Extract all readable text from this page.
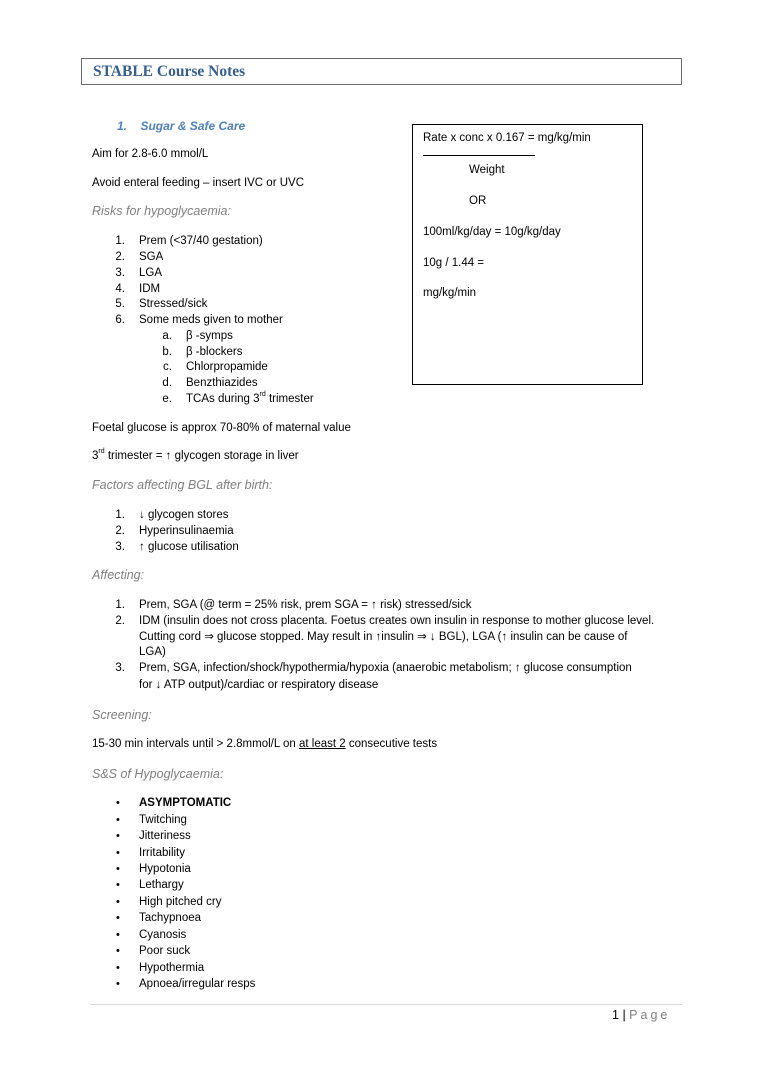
STABLE Course Notes
1. Sugar & Safe Care
Aim for 2.8-6.0 mmol/L
Avoid enteral feeding – insert IVC or UVC
Risks for hypoglycaemia:
1. Prem (<37/40 gestation)
2. SGA
3. LGA
4. IDM
5. Stressed/sick
6. Some meds given to mother
a. β -symps
b. β -blockers
c. Chlorpropamide
d. Benzthiazides
e. TCAs during 3rd trimester
Rate x conc x 0.167 = mg/kg/min
Weight
OR
100ml/kg/day = 10g/kg/day
10g / 1.44 =
mg/kg/min
Foetal glucose is approx 70-80% of maternal value
3rd trimester = ↑ glycogen storage in liver
Factors affecting BGL after birth:
1. ↓ glycogen stores
2. Hyperinsulinaemia
3. ↑ glucose utilisation
Affecting:
1. Prem, SGA (@ term = 25% risk, prem SGA = ↑ risk) stressed/sick
2. IDM (insulin does not cross placenta. Foetus creates own insulin in response to mother glucose level.
Cutting cord ⇒ glucose stopped. May result in ↑insulin ⇒ ↓ BGL), LGA (↑ insulin can be cause of
LGA)
3. Prem, SGA, infection/shock/hypothermia/hypoxia (anaerobic metabolism; ↑ glucose consumption
for ↓ ATP output)/cardiac or respiratory disease
Screening:
15-30 min intervals until > 2.8mmol/L on at least 2 consecutive tests
S&S of Hypoglycaemia:
• ASYMPTOMATIC
• Twitching
• Jitteriness
• Irritability
• Hypotonia
• Lethargy
• High pitched cry
• Tachypnoea
• Cyanosis
• Poor suck
• Hypothermia
• Apnoea/irregular resps
1 | Page
